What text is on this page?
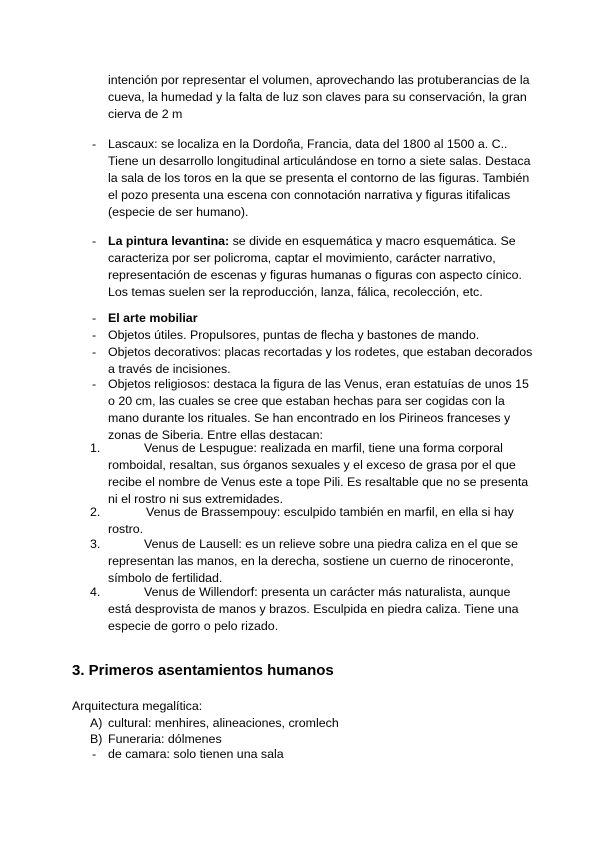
intención por representar el volumen, aprovechando las protuberancias de la
cueva, la humedad y la falta de luz son claves para su conservación, la gran
cierva de 2 m

- Lascaux: se localiza en la Dordoña, Francia, data del 1800 al 1500 a. C..
Tiene un desarrollo longitudinal articulándose en torno a siete salas. Destaca
la sala de los toros en la que se presenta el contorno de las figuras. También
el pozo presenta una escena con connotación narrativa y figuras itifalicas
(especie de ser humano).

- La pintura levantina: se divide en esquemática y macro esquemática. Se
caracteriza por ser policroma, captar el movimiento, carácter narrativo,
representación de escenas y figuras humanas o figuras con aspecto cínico.
Los temas suelen ser la reproducción, lanza, fálica, recolección, etc.

- El arte mobiliar

- Objetos útiles. Propulsores, puntas de flecha y bastones de mando.

- Objetos decorativos: placas recortadas y los rodetes, que estaban decorados
a través de incisiones.

- Objetos religiosos: destaca la figura de las Venus, eran estatuías de unos 15
o 20 cm, las cuales se cree que estaban hechas para ser cogidas con la
mano durante los rituales. Se han encontrado en los Pirineos franceses y
zonas de Siberia. Entre ellas destacan:

1.	Venus de Lespugue: realizada en marfil, tiene una forma corporal
romboidal, resaltan, sus órganos sexuales y el exceso de grasa por el que
recibe el nombre de Venus este a tope Pili. Es resaltable que no se presenta
ni el rostro ni sus extremidades.

2.	Venus de Brassempouy: esculpido también en marfil, en ella si hay
rostro.

3.	Venus de Lausell: es un relieve sobre una piedra caliza en el que se
representan las manos, en la derecha, sostiene un cuerno de rinoceronte,
símbolo de fertilidad.

4.	Venus de Willendorf: presenta un carácter más naturalista, aunque
está desprovista de manos y brazos. Esculpida en piedra caliza. Tiene una
especie de gorro o pelo rizado.

3. Primeros asentamientos humanos

Arquitectura megalítica:

A) cultural: menhires, alineaciones, cromlech

B) Funeraria: dólmenes

- de camara: solo tienen una sala
